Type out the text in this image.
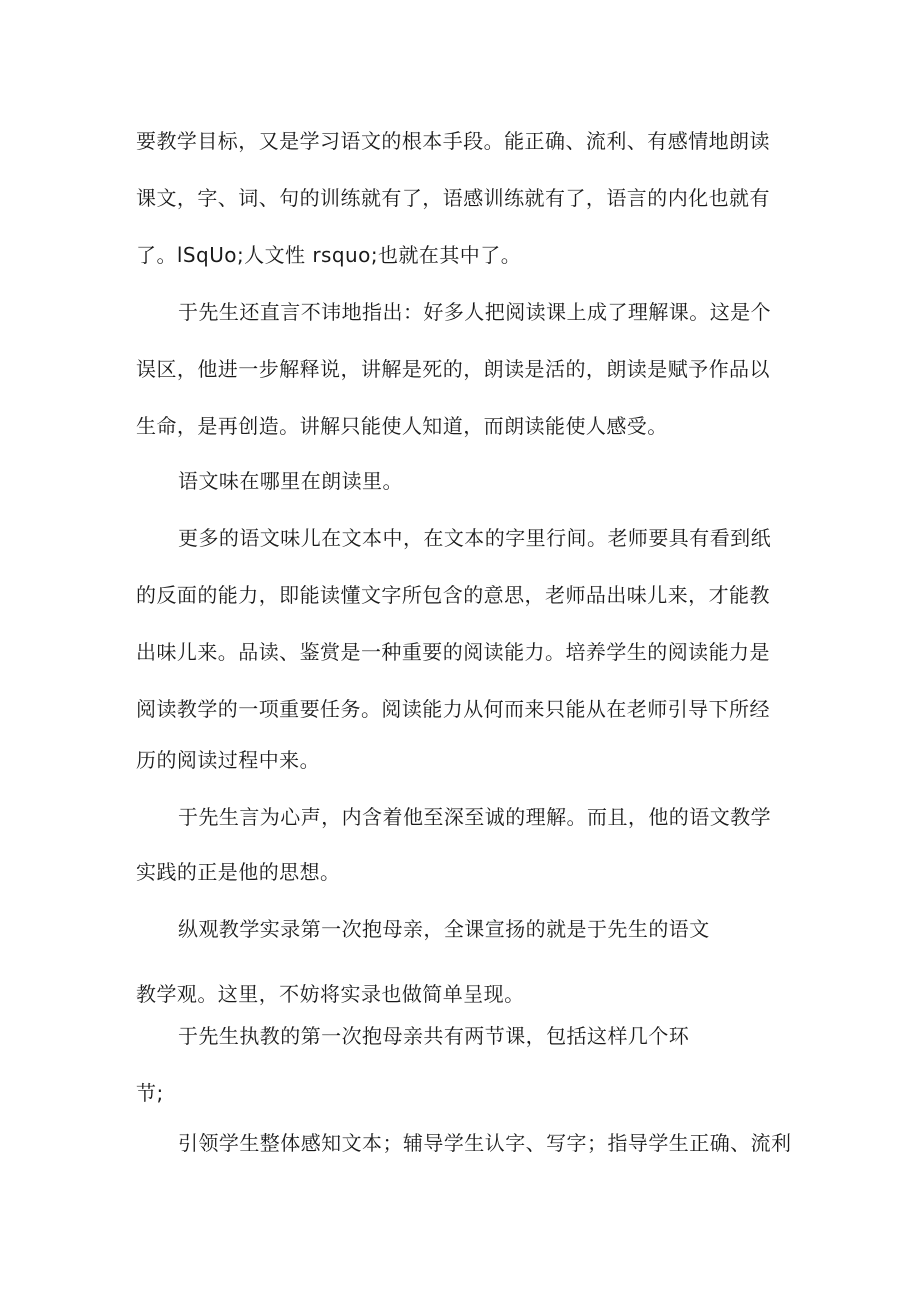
要教学目标，又是学习语文的根本手段。能正确、流利、有感情地朗读
课文，字、词、句的训练就有了，语感训练就有了，语言的内化也就有
了。lSqUo;人文性 rsquo;也就在其中了。
于先生还直言不讳地指出：好多人把阅读课上成了理解课。这是个
误区，他进一步解释说，讲解是死的，朗读是活的，朗读是赋予作品以
生命，是再创造。讲解只能使人知道，而朗读能使人感受。
语文味在哪里在朗读里。
更多的语文味儿在文本中，在文本的字里行间。老师要具有看到纸
的反面的能力，即能读懂文字所包含的意思，老师品出味儿来，才能教
出味儿来。品读、鉴赏是一种重要的阅读能力。培养学生的阅读能力是
阅读教学的一项重要任务。阅读能力从何而来只能从在老师引导下所经
历的阅读过程中来。
于先生言为心声，内含着他至深至诚的理解。而且，他的语文教学
实践的正是他的思想。
纵观教学实录第一次抱母亲，全课宣扬的就是于先生的语文
教学观。这里，不妨将实录也做简单呈现。
于先生执教的第一次抱母亲共有两节课，包括这样几个环
节;
引领学生整体感知文本；辅导学生认字、写字；指导学生正确、流利
